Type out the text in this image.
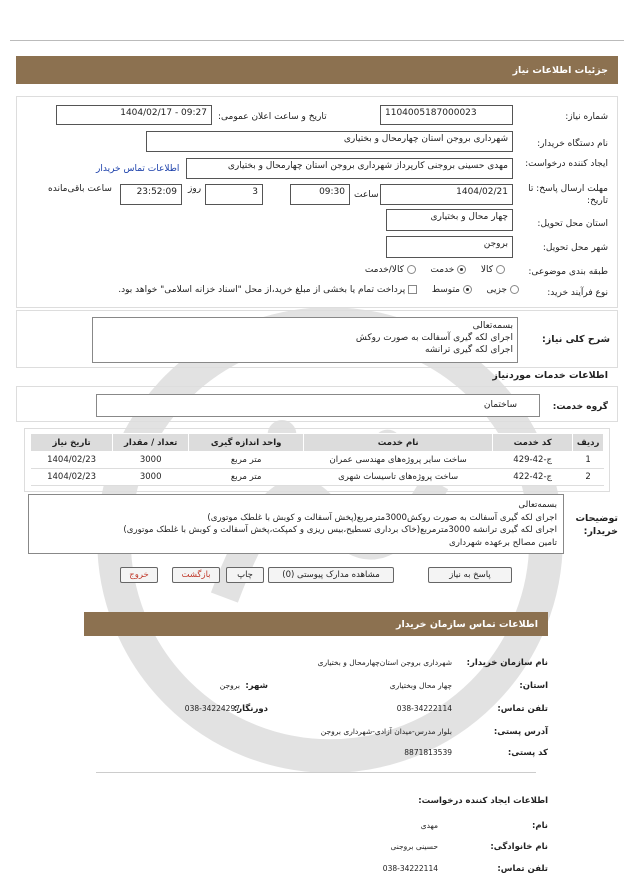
جزئیات اطلاعات نیاز
شماره نیاز:
1104005187000023
تاریخ و ساعت اعلان عمومی:
1404/02/17 - 09:27
نام دستگاه خریدار:
شهرداری بروجن استان چهارمحال و بختیاری
ایجاد کننده درخواست:
مهدی حسینی بروجنی کارپرداز شهرداری بروجن استان چهارمحال و بختیاری
اطلاعات تماس خریدار
مهلت ارسال پاسخ: تا تاریخ:
1404/02/21
ساعت
09:30
3
روز
23:52:09
ساعت باقی‌مانده
استان محل تحویل:
چهار محال و بختیاری
شهر محل تحویل:
بروجن
طبقه بندی موضوعی:
کالا    خدمت    کالا/خدمت
نوع فرآیند خرید:
جزیی    متوسط    پرداخت تمام یا بخشی از مبلغ خرید،از محل "اسناد خزانه اسلامی" خواهد بود.
شرح کلی نیاز:
بسمه‌تعالی
اجرای لکه گیری آسفالت به صورت روکش
اجرای لکه گیری ترانشه
اطلاعات خدمات موردنیاز
گروه خدمت:
ساختمان
ردیف	کد خدمت	نام خدمت	واحد اندازه گیری	تعداد / مقدار	تاریخ نیاز
1	ج-42-429	ساخت سایر پروژه‌های مهندسی عمران	متر مربع	3000	1404/02/23
2	ج-42-422	ساخت پروژه‌های تاسیسات شهری	متر مربع	3000	1404/02/23
توضیحات خریدار:
بسمه‌تعالی
اجرای لکه گیری آسفالت به صورت روکش3000مترمربع(پخش آسفالت و کوبش با غلطک موتوری)
اجرای لکه گیری ترانشه 3000مترمربع(خاک برداری تسطیح،بیس ریزی و کمپکت،پخش آسفالت و کوبش با غلطک موتوری)
تامین مصالح برعهده شهرداری
پاسخ به نیاز
مشاهده مدارک پیوستی (0)
چاپ
بازگشت
خروج
اطلاعات تماس سازمان خریدار
نام سازمان خریدار:
شهرداری بروجن استان‌چهارمحال و بختیاری
استان:
چهار محال وبختیاری
شهر:
بروجن
تلفن تماس:
038-34222114
دورنگار:
038-34224297
آدرس پستی:
بلوار مدرس-میدان آزادی-شهرداری بروجن
کد پستی:
8871813539
اطلاعات ایجاد کننده درخواست:
نام:
مهدی
نام خانوادگی:
حسینی بروجنی
تلفن تماس:
038-34222114
